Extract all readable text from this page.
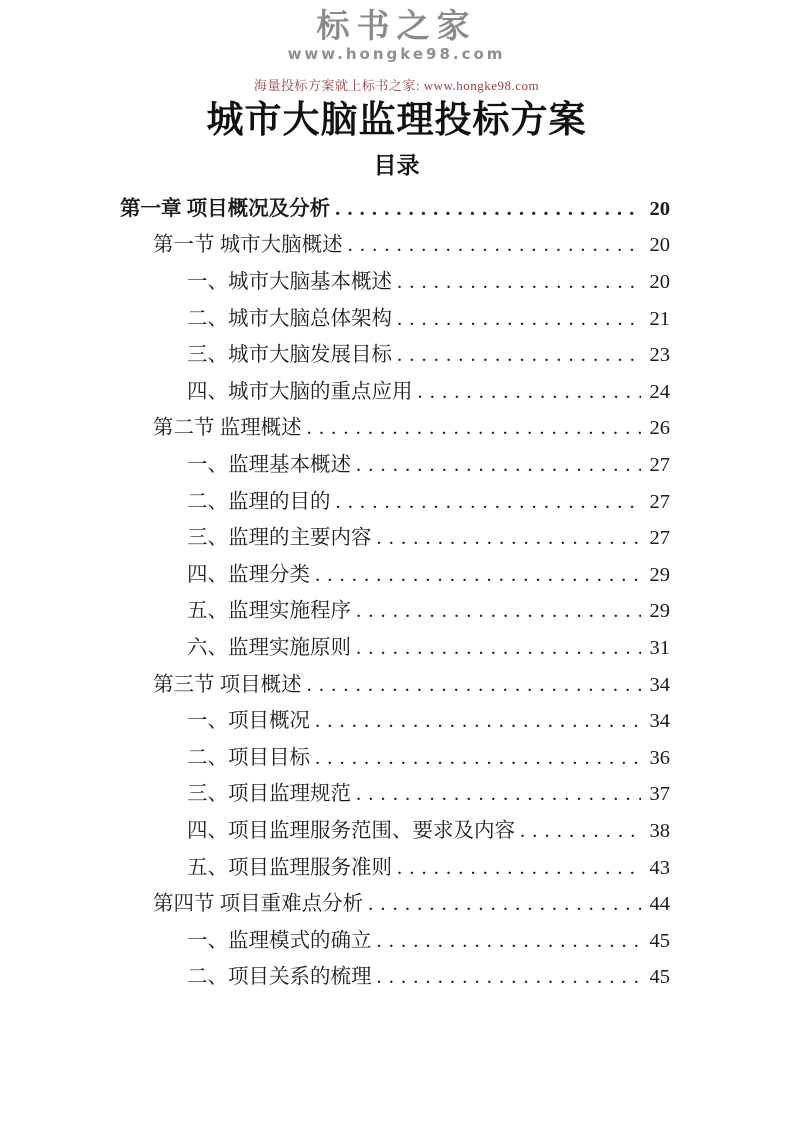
标书之家
www.hongke98.com
海量投标方案就上标书之家: www.hongke98.com
城市大脑监理投标方案
目录
第一章 项目概况及分析 . . .	20
第一节 城市大脑概述 . . .	20
一、城市大脑基本概述 . . .	20
二、城市大脑总体架构 . . .	21
三、城市大脑发展目标 . . .	23
四、城市大脑的重点应用 . . .	24
第二节 监理概述 . . .	26
一、监理基本概述 . . .	27
二、监理的目的 . . .	27
三、监理的主要内容 . . .	27
四、监理分类 . . .	29
五、监理实施程序 . . .	29
六、监理实施原则 . . .	31
第三节 项目概述 . . .	34
一、项目概况 . . .	34
二、项目目标 . . .	36
三、项目监理规范 . . .	37
四、项目监理服务范围、要求及内容 . . .	38
五、项目监理服务准则 . . .	43
第四节 项目重难点分析 . . .	44
一、监理模式的确立 . . .	45
二、项目关系的梳理 . . .	45
